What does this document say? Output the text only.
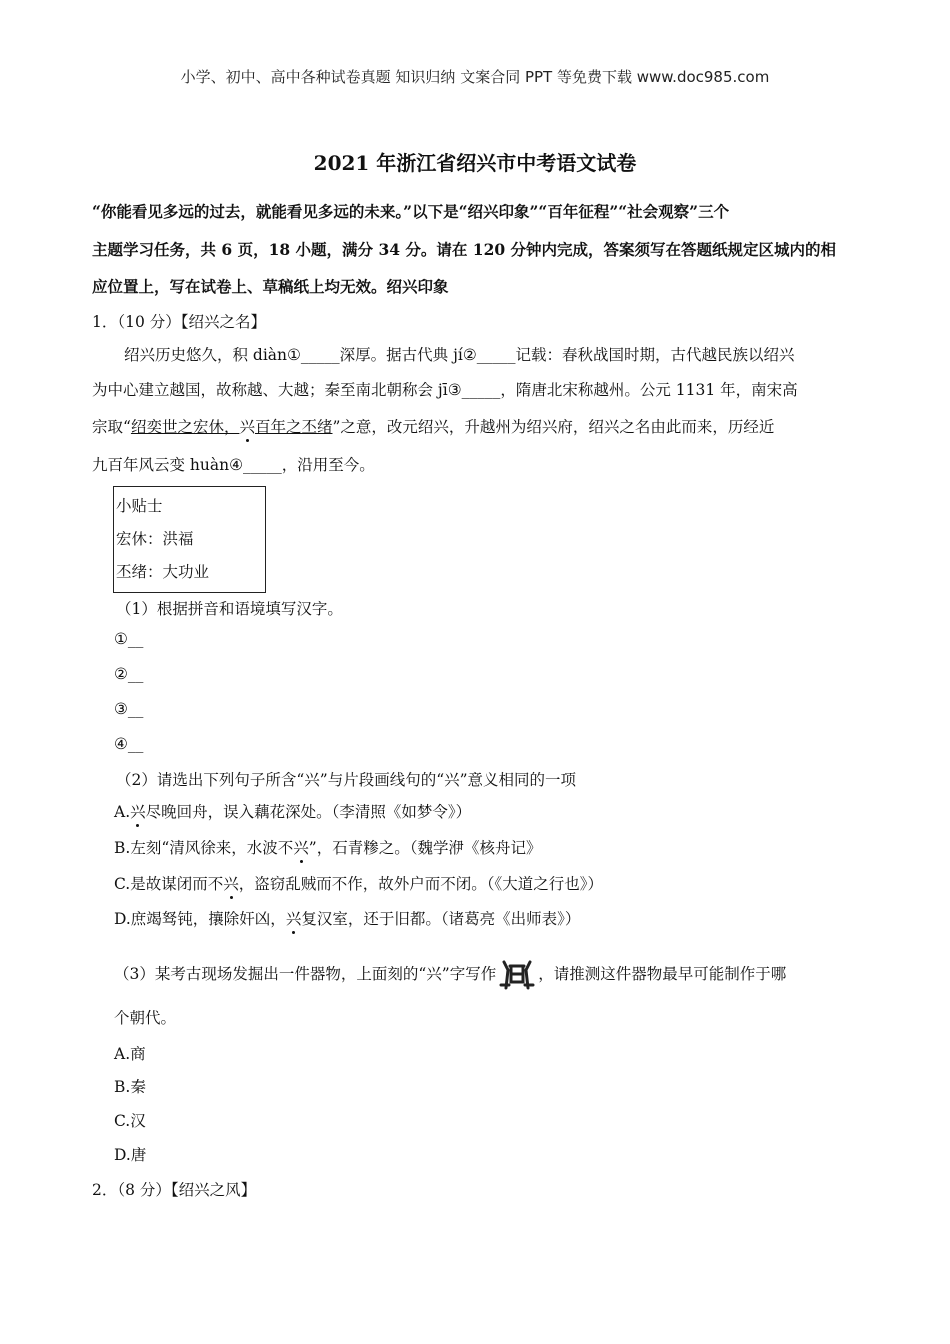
小学、初中、高中各种试卷真题 知识归纳 文案合同 PPT 等免费下载 www.doc985.com
2021 年浙江省绍兴市中考语文试卷
“你能看见多远的过去，就能看见多远的未来。”以下是“绍兴印象”“百年征程”“社会观察”三个
主题学习任务，共 6 页，18 小题，满分 34 分。请在 120 分钟内完成，答案须写在答题纸规定区城内的相
应位置上，写在试卷上、草稿纸上均无效。绍兴印象
1．（10 分）【绍兴之名】
绍兴历史悠久，积 diàn①_____深厚。据古代典 jí②_____记载：春秋战国时期，古代越民族以绍兴
为中心建立越国，故称越、大越；秦至南北朝称会 jī③_____，隋唐北宋称越州。公元 1131 年，南宋高
宗取“绍奕世之宏休，兴百年之丕绪”之意，改元绍兴，升越州为绍兴府，绍兴之名由此而来，历经近
九百年风云变 huàn④_____，沿用至今。
小贴士
宏休：洪福
丕绪：大功业
（1）根据拼音和语境填写汉字。
①__
②__
③__
④__
（2）请选出下列句子所含“兴”与片段画线句的“兴”意义相同的一项
A.兴尽晚回舟，误入藕花深处。（李清照《如梦令》）
B.左刻“清风徐来，水波不兴”，石青糁之。（魏学洢《核舟记》
C.是故谋闭而不兴，盗窃乱贼而不作，故外户而不闭。（《大道之行也》）
D.庶竭驽钝，攘除奸凶，兴复汉室，还于旧都。（诸葛亮《出师表》）
（3）某考古现场发掘出一件器物，上面刻的“兴”字写作	，请推测这件器物最早可能制作于哪
个朝代。
A.商
B.秦
C.汉
D.唐
2．（8 分）【绍兴之风】
